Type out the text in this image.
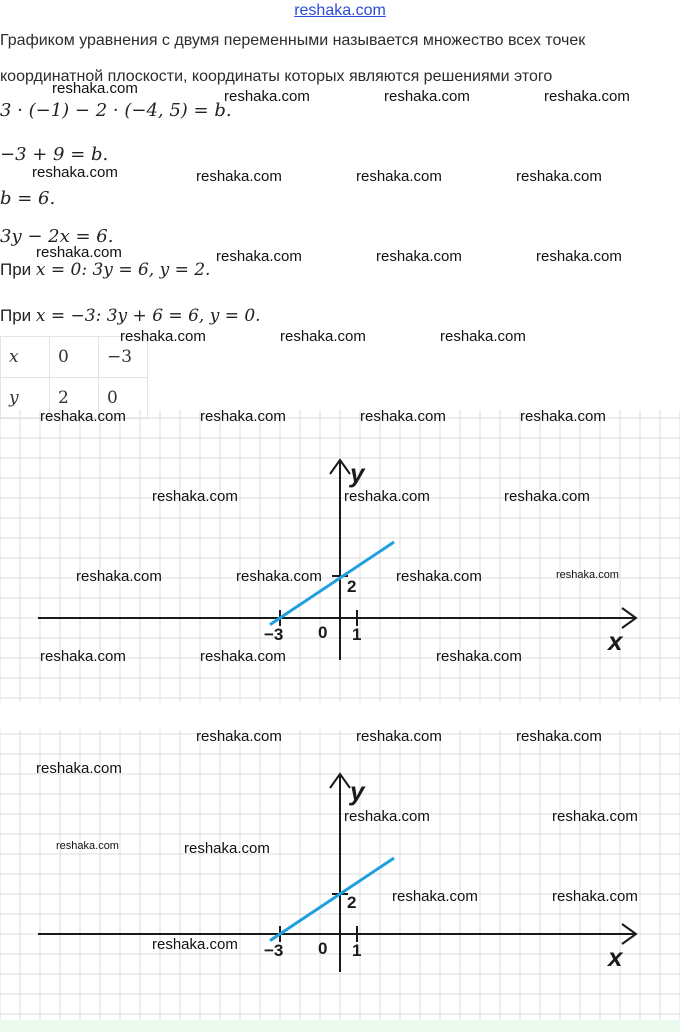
reshaka.com
Графиком уравнения с двумя переменными называется множество всех точек
координатной плоскости, координаты которых являются решениями этого
3 · (−1) − 2 · (−4, 5) = b.
−3 + 9 = b.
b = 6.
3y − 2x = 6.
При x = 0: 3y = 6, y = 2.
При x = −3: 3y + 6 = 6, y = 0.
x	0	−3
y	2	0
y
x
0 1
−3
2
y
x
0 1
−3
2
reshaka.com	reshaka.com	reshaka.com	reshaka.com
reshaka.com	reshaka.com	reshaka.com	reshaka.com
reshaka.com	reshaka.com	reshaka.com	reshaka.com
reshaka.com	reshaka.com	reshaka.com
reshaka.com	reshaka.com	reshaka.com	reshaka.com
reshaka.com	reshaka.com	reshaka.com
reshaka.com	reshaka.com	reshaka.com	reshaka.com
reshaka.com	reshaka.com	reshaka.com
reshaka.com	reshaka.com	reshaka.com
reshaka.com
reshaka.com	reshaka.com
reshaka.com	reshaka.com
reshaka.com	reshaka.com
reshaka.com
